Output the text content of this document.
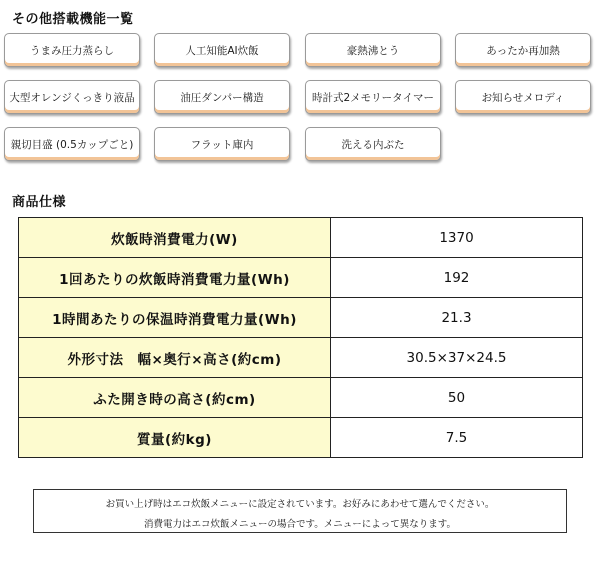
その他搭載機能一覧
うまみ圧力蒸らし	人工知能AI炊飯	豪熱沸とう	あったか再加熱
大型オレンジくっきり液晶	油圧ダンパー構造	時計式2メモリータイマー	お知らせメロディ
親切目盛 (0.5カップごと)	フラット庫内	洗える内ぶた
商品仕様
炊飯時消費電力(W)	1370
1回あたりの炊飯時消費電力量(Wh)	192
1時間あたりの保温時消費電力量(Wh)	21.3
外形寸法　幅×奥行×高さ(約cm)	30.5×37×24.5
ふた開き時の高さ(約cm)	50
質量(約kg)	7.5
お買い上げ時はエコ炊飯メニューに設定されています。お好みにあわせて選んでください。
消費電力はエコ炊飯メニューの場合です。メニューによって異なります。
